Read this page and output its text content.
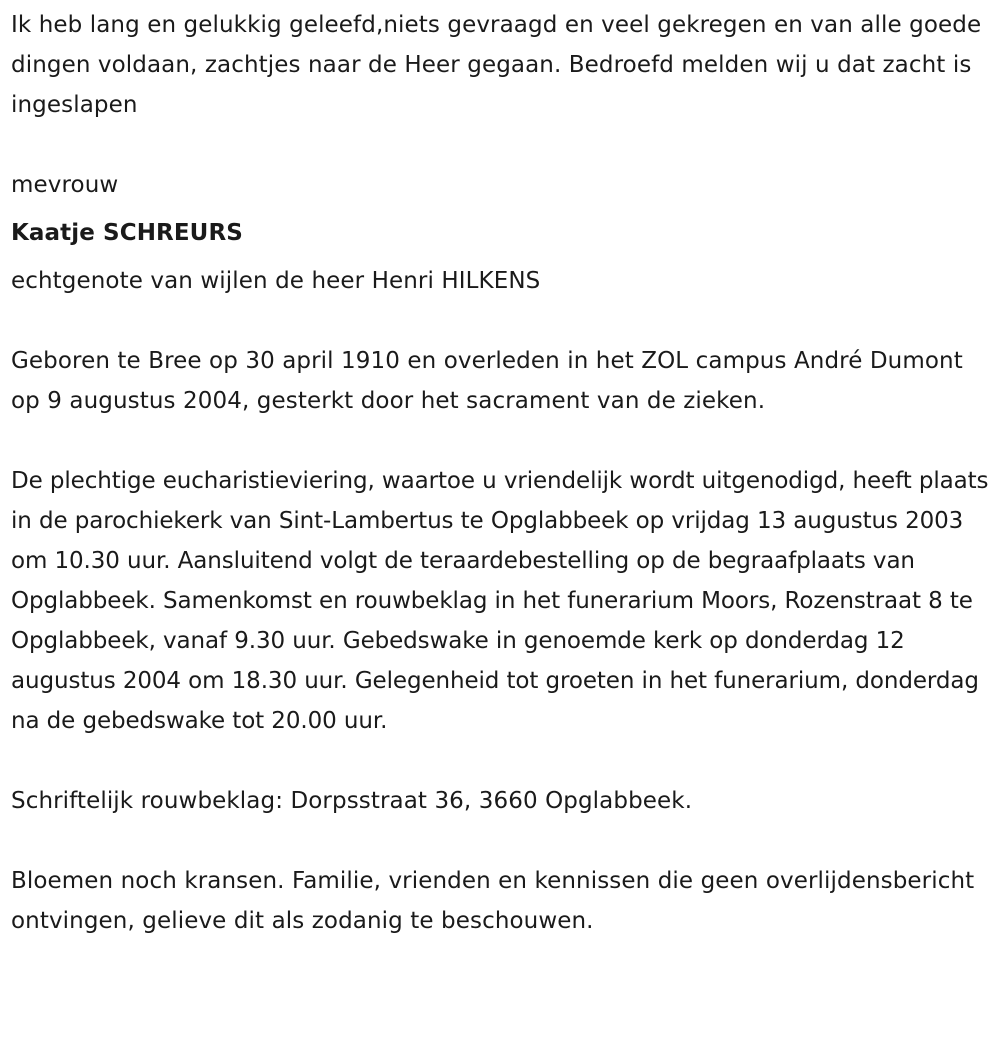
Ik heb lang en gelukkig geleefd,niets gevraagd en veel gekregen en van alle goede dingen voldaan, zachtjes naar de Heer gegaan. Bedroefd melden wij u dat zacht is ingeslapen

mevrouw

Kaatje SCHREURS

echtgenote van wijlen de heer Henri HILKENS

Geboren te Bree op 30 april 1910 en overleden in het ZOL campus André Dumont op 9 augustus 2004, gesterkt door het sacrament van de zieken.

De plechtige eucharistieviering, waartoe u vriendelijk wordt uitgenodigd, heeft plaats in de parochiekerk van Sint-Lambertus te Opglabbeek op vrijdag 13 augustus 2003 om 10.30 uur. Aansluitend volgt de teraardebestelling op de begraafplaats van Opglabbeek. Samenkomst en rouwbeklag in het funerarium Moors, Rozenstraat 8 te Opglabbeek, vanaf 9.30 uur. Gebedswake in genoemde kerk op donderdag 12 augustus 2004 om 18.30 uur. Gelegenheid tot groeten in het funerarium, donderdag na de gebedswake tot 20.00 uur.

Schriftelijk rouwbeklag: Dorpsstraat 36, 3660 Opglabbeek.

Bloemen noch kransen. Familie, vrienden en kennissen die geen overlijdensbericht ontvingen, gelieve dit als zodanig te beschouwen.
